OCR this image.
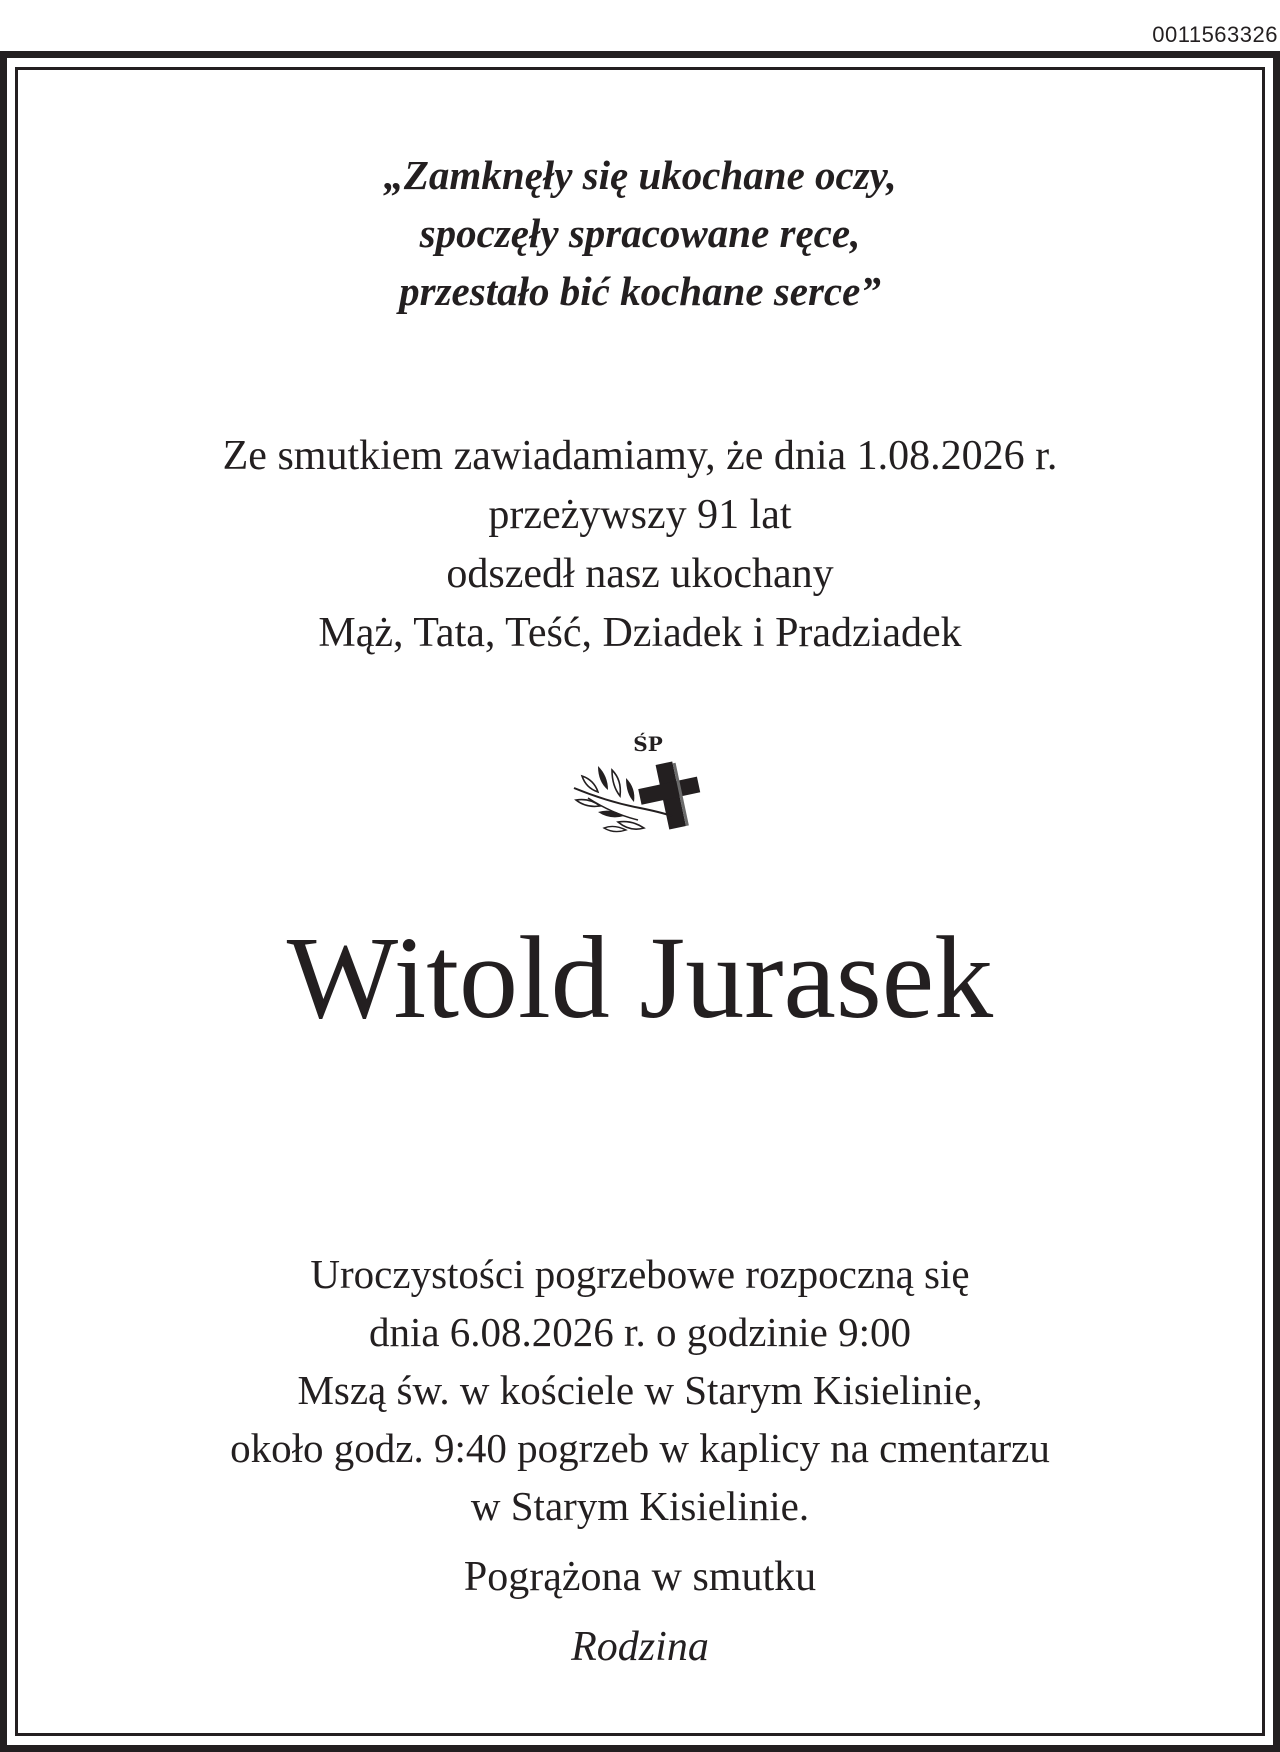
0011563326
„Zamknęły się ukochane oczy,
spoczęły spracowane ręce,
przestało bić kochane serce”
Ze smutkiem zawiadamiamy, że dnia 1.08.2026 r.
przeżywszy 91 lat
odszedł nasz ukochany
Mąż, Tata, Teść, Dziadek i Pradziadek
ŚP
Witold Jurasek
Uroczystości pogrzebowe rozpoczną się
dnia 6.08.2026 r. o godzinie 9:00
Mszą św. w kościele w Starym Kisielinie,
około godz. 9:40 pogrzeb w kaplicy na cmentarzu
w Starym Kisielinie.
Pogrążona w smutku
Rodzina
